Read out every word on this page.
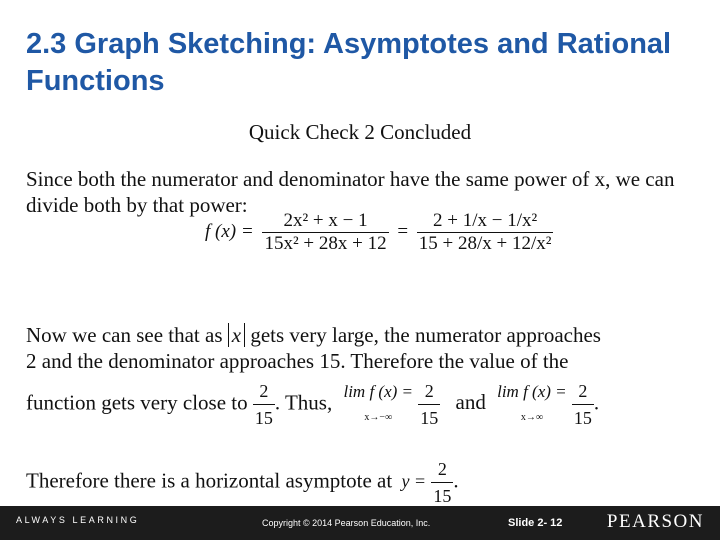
2.3 Graph Sketching: Asymptotes and Rational Functions
Quick Check 2 Concluded
Since both the numerator and denominator have the same power of x, we can divide both by that power:
f $(x) = \frac{\text{2x² + x − 1}}{\text{15x² + 28x + 12}} = \frac{\text{2 + 1/x − 1/x²}}{\text{15 + 28/x + 12/x²}}$
Now we can see that as x gets very large, the numerator approaches
2 and the denominator approaches 15. Therefore the value of the
function gets very close to $\frac{2}{15}$ . Thus, lim f (x) =
x→−∞
	$\frac{2}{15}$ and lim f (x) =
x→∞
	$\frac{2}{15}$ .
Therefore there is a horizontal asymptote at $y = \frac{2}{15}$ .
ALWAYS LEARNING	Copyright © 2014 Pearson Education, Inc.	Slide 2- 12 PEARSON
